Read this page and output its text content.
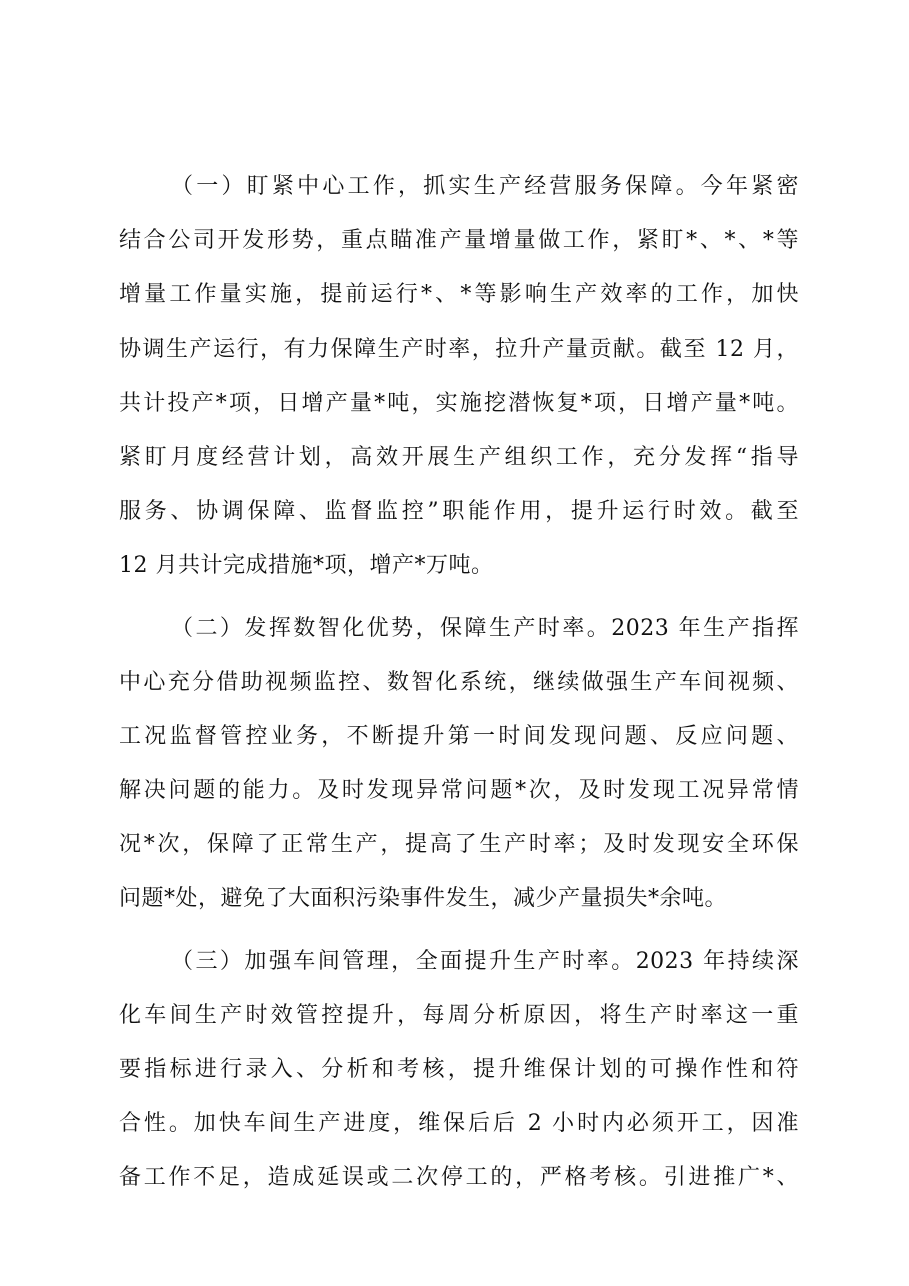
（一）盯紧中心工作，抓实生产经营服务保障。今年紧密
结合公司开发形势，重点瞄准产量增量做工作，紧盯*、*、*等
增量工作量实施，提前运行*、*等影响生产效率的工作，加快
协调生产运行，有力保障生产时率，拉升产量贡献。截至 12 月，
共计投产*项，日增产量*吨，实施挖潜恢复*项，日增产量*吨。
紧盯月度经营计划，高效开展生产组织工作，充分发挥“指导
服务、协调保障、监督监控”职能作用，提升运行时效。截至
12 月共计完成措施*项，增产*万吨。
（二）发挥数智化优势，保障生产时率。2023 年生产指挥
中心充分借助视频监控、数智化系统，继续做强生产车间视频、
工况监督管控业务，不断提升第一时间发现问题、反应问题、
解决问题的能力。及时发现异常问题*次，及时发现工况异常情
况*次，保障了正常生产，提高了生产时率；及时发现安全环保
问题*处，避免了大面积污染事件发生，减少产量损失*余吨。
（三）加强车间管理，全面提升生产时率。2023 年持续深
化车间生产时效管控提升，每周分析原因，将生产时率这一重
要指标进行录入、分析和考核，提升维保计划的可操作性和符
合性。加快车间生产进度，维保后后 2 小时内必须开工，因准
备工作不足，造成延误或二次停工的，严格考核。引进推广*、
